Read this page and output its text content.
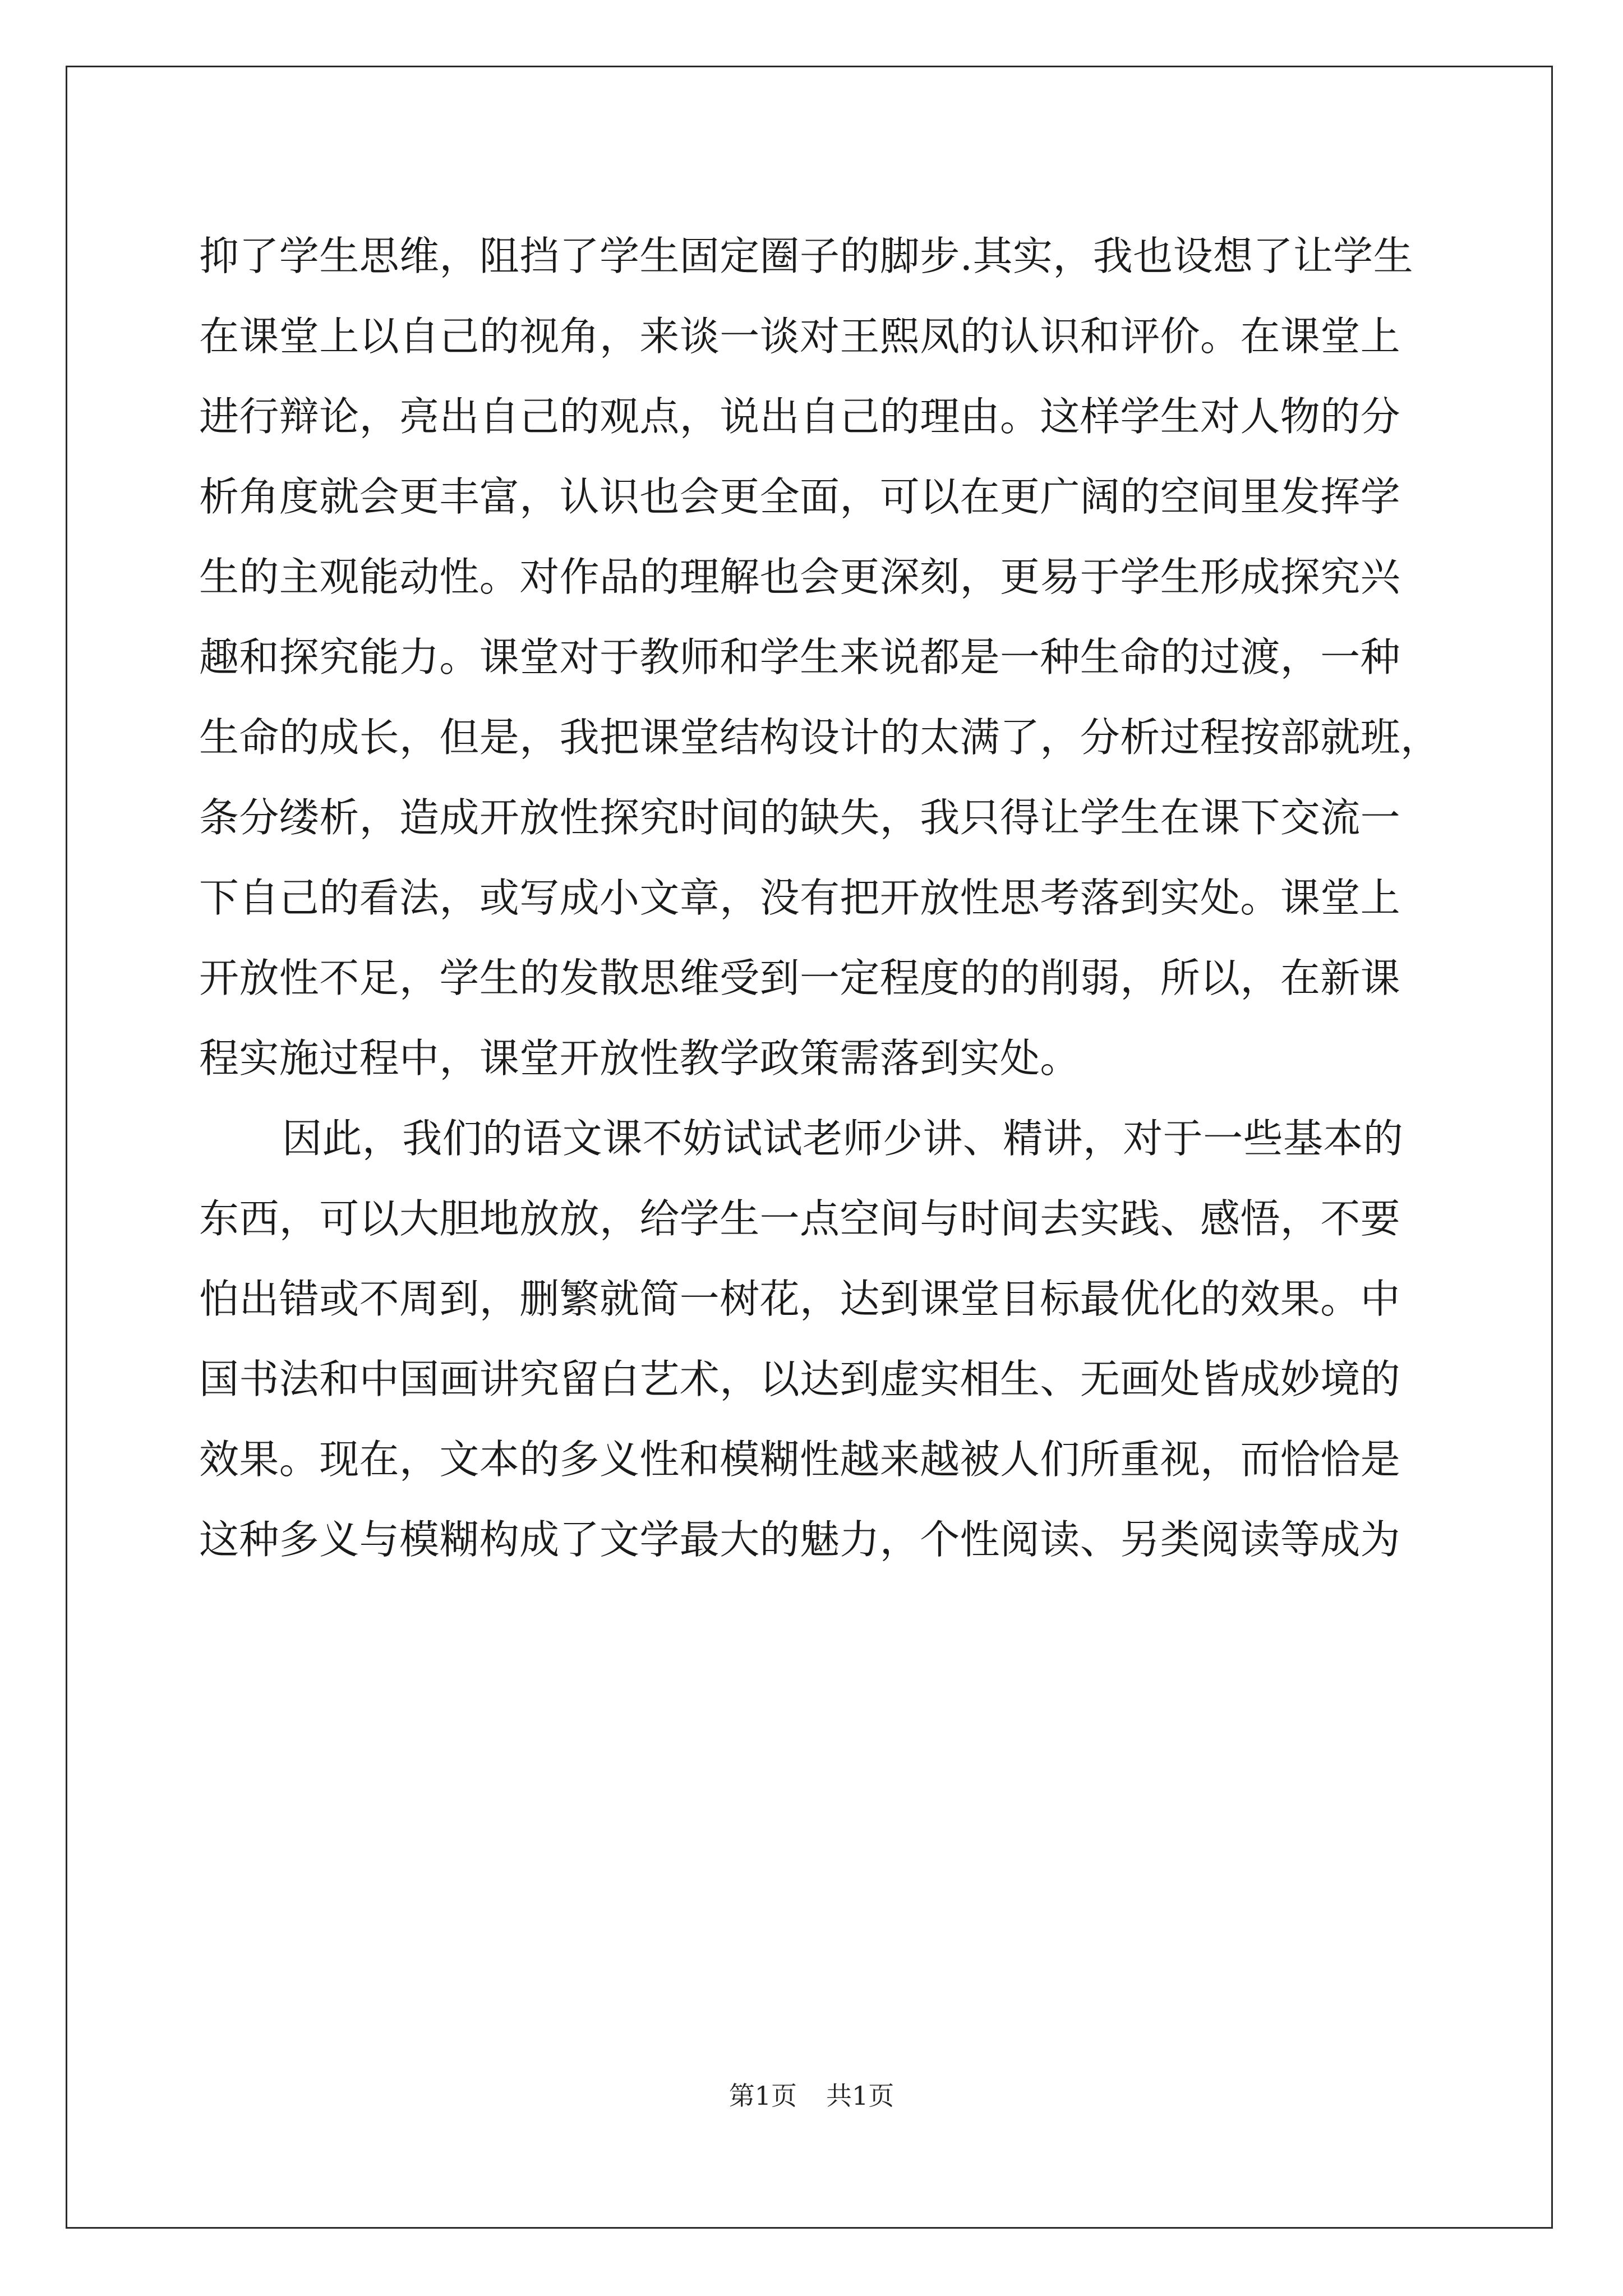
抑了学生思维，阻挡了学生固定圈子的脚步.其实，我也设想了让学生
在课堂上以自己的视角，来谈一谈对王熙凤的认识和评价。在课堂上
进行辩论，亮出自己的观点，说出自己的理由。这样学生对人物的分
析角度就会更丰富，认识也会更全面，可以在更广阔的空间里发挥学
生的主观能动性。对作品的理解也会更深刻，更易于学生形成探究兴
趣和探究能力。课堂对于教师和学生来说都是一种生命的过渡，一种
生命的成长，但是，我把课堂结构设计的太满了，分析过程按部就班，
条分缕析，造成开放性探究时间的缺失，我只得让学生在课下交流一
下自己的看法，或写成小文章，没有把开放性思考落到实处。课堂上
开放性不足，学生的发散思维受到一定程度的的削弱，所以，在新课
程实施过程中，课堂开放性教学政策需落到实处。
因此，我们的语文课不妨试试老师少讲、精讲，对于一些基本的
东西，可以大胆地放放，给学生一点空间与时间去实践、感悟，不要
怕出错或不周到，删繁就简一树花，达到课堂目标最优化的效果。中
国书法和中国画讲究留白艺术，以达到虚实相生、无画处皆成妙境的
效果。现在，文本的多义性和模糊性越来越被人们所重视，而恰恰是
这种多义与模糊构成了文学最大的魅力，个性阅读、另类阅读等成为
第1页 共1页
